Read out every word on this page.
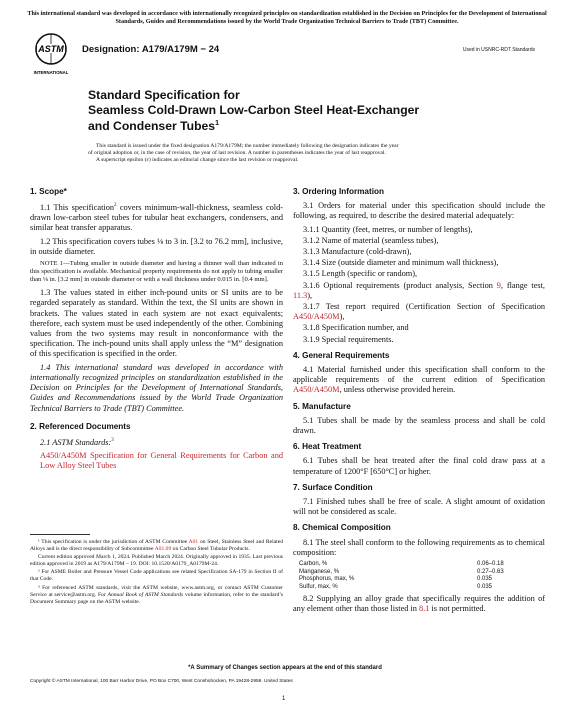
This international standard was developed in accordance with internationally recognized principles on standardization established in the Decision on Principles for the Development of International Standards, Guides and Recommendations issued by the World Trade Organization Technical Barriers to Trade (TBT) Committee.
ASTM
INTERNATIONAL
Designation: A179/A179M − 24	Used in USNRC-RDT Standards
Standard Specification for
Seamless Cold-Drawn Low-Carbon Steel Heat-Exchanger
and Condenser Tubes$^1$
This standard is issued under the fixed designation A179/A179M; the number immediately following the designation indicates the year
of original adoption or, in the case of revision, the year of last revision. A number in parentheses indicates the year of last reapproval.
A superscript epsilon (ε) indicates an editorial change since the last revision or reapproval.
1. Scope*

1.1 This specification$^2$ covers minimum-wall-thickness, seamless cold-drawn low-carbon steel tubes for tubular heat exchangers, condensers, and similar heat transfer apparatus.

1.2 This specification covers tubes ⅛ to 3 in. [3.2 to 76.2 mm], inclusive, in outside diameter.

NOTE 1—Tubing smaller in outside diameter and having a thinner wall than indicated in this specification is available. Mechanical property requirements do not apply to tubing smaller than ⅛ in. [3.2 mm] in outside diameter or with a wall thickness under 0.015 in. [0.4 mm].

1.3 The values stated in either inch-pound units or SI units are to be regarded separately as standard. Within the text, the SI units are shown in brackets. The values stated in each system are not exact equivalents; therefore, each system must be used independently of the other. Combining values from the two systems may result in nonconformance with the specification. The inch-pound units shall apply unless the “M” designation of this specification is specified in the order.

1.4 This international standard was developed in accordance with internationally recognized principles on standardization established in the Decision on Principles for the Development of International Standards, Guides and Recommendations issued by the World Trade Organization Technical Barriers to Trade (TBT) Committee.

2. Referenced Documents

2.1 ASTM Standards:$^3$

A450/A450M Specification for General Requirements for Carbon and Low Alloy Steel Tubes

¹ This specification is under the jurisdiction of ASTM Committee A01 on Steel, Stainless Steel and Related Alloys and is the direct responsibility of Subcommittee A01.09 on Carbon Steel Tubular Products.

Current edition approved March 1, 2024. Published March 2024. Originally approved in 1935. Last previous edition approved in 2019 as A179/A179M – 19. DOI: 10.1520/A0179_A0179M-24.

² For ASME Boiler and Pressure Vessel Code applications see related Specification SA-179 in Section II of that Code.

³ For referenced ASTM standards, visit the ASTM website, www.astm.org, or contact ASTM Customer Service at service@astm.org. For Annual Book of ASTM Standards volume information, refer to the standard’s Document Summary page on the ASTM website.

3. Ordering Information

3.1 Orders for material under this specification should include the following, as required, to describe the desired material adequately:

3.1.1 Quantity (feet, metres, or number of lengths),

3.1.2 Name of material (seamless tubes),

3.1.3 Manufacture (cold-drawn),

3.1.4 Size (outside diameter and minimum wall thickness),

3.1.5 Length (specific or random),

3.1.6 Optional requirements (product analysis, Section 9, flange test, 11.3),

3.1.7 Test report required (Certification Section of Specification A450/A450M),

3.1.8 Specification number, and

3.1.9 Special requirements.

4. General Requirements

4.1 Material furnished under this specification shall conform to the applicable requirements of the current edition of Specification A450/A450M, unless otherwise provided herein.

5. Manufacture

5.1 Tubes shall be made by the seamless process and shall be cold drawn.

6. Heat Treatment

6.1 Tubes shall be heat treated after the final cold draw pass at a temperature of 1200°F [650°C] or higher.

7. Surface Condition

7.1 Finished tubes shall be free of scale. A slight amount of oxidation will not be considered as scale.

8. Chemical Composition

8.1 The steel shall conform to the following requirements as to chemical composition:

Carbon, %	0.06–0.18
Manganese, %	0.27–0.63
Phosphorus, max, %	0.035
Sulfur, max, %	0.035

8.2 Supplying an alloy grade that specifically requires the addition of any element other than those listed in 8.1 is not permitted.

*A Summary of Changes section appears at the end of this standard
Copyright © ASTM International, 100 Barr Harbor Drive, PO Box C700, West Conshohocken, PA 19428-2959. United States
1
